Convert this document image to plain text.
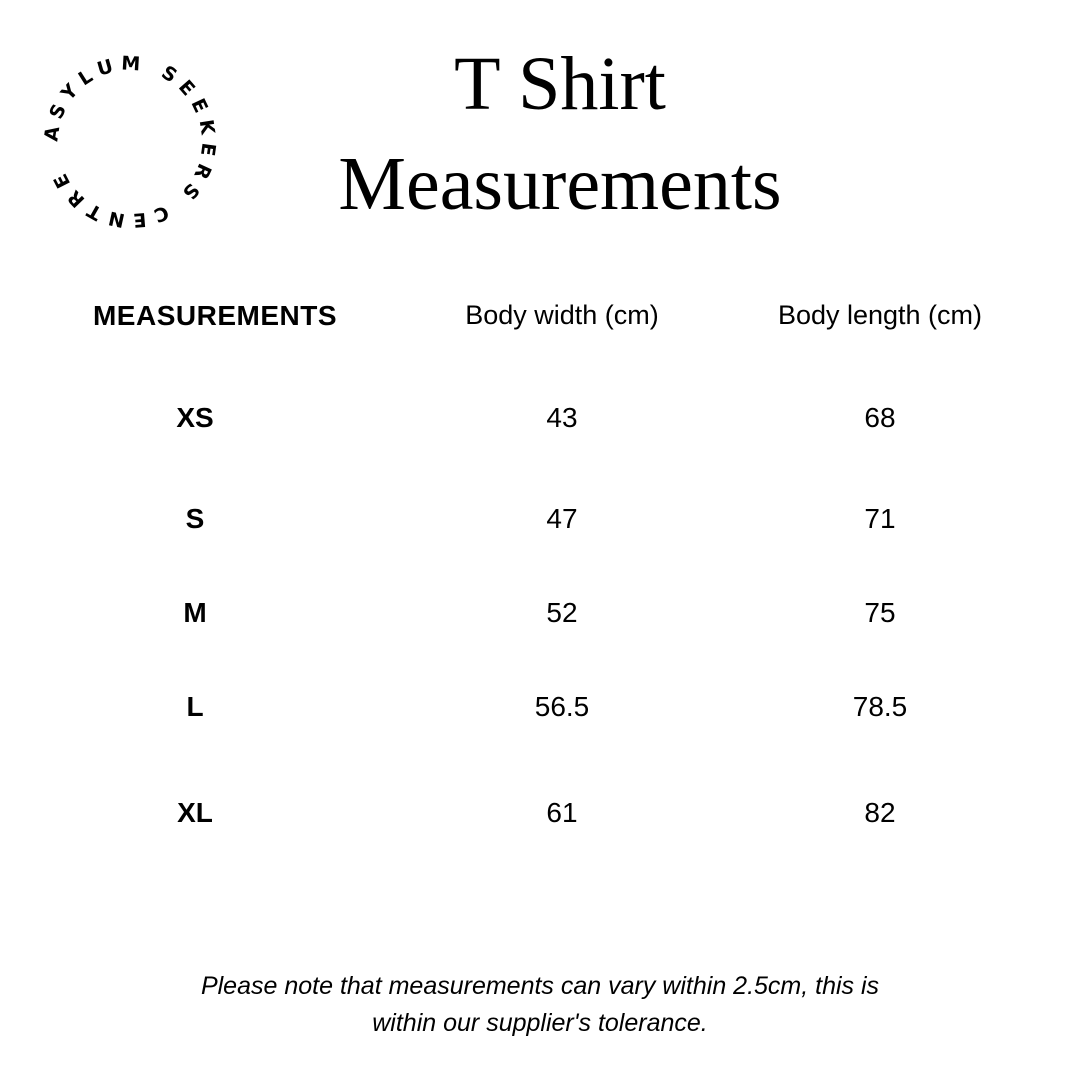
ASYLUM SEEKERS CENTRE
T Shirt
Measurements
MEASUREMENTS	Body width (cm)	Body length (cm)
XS	43	68
S	47	71
M	52	75
L	56.5	78.5
XL	61	82
Please note that measurements can vary within 2.5cm, this is
within our supplier's tolerance.
